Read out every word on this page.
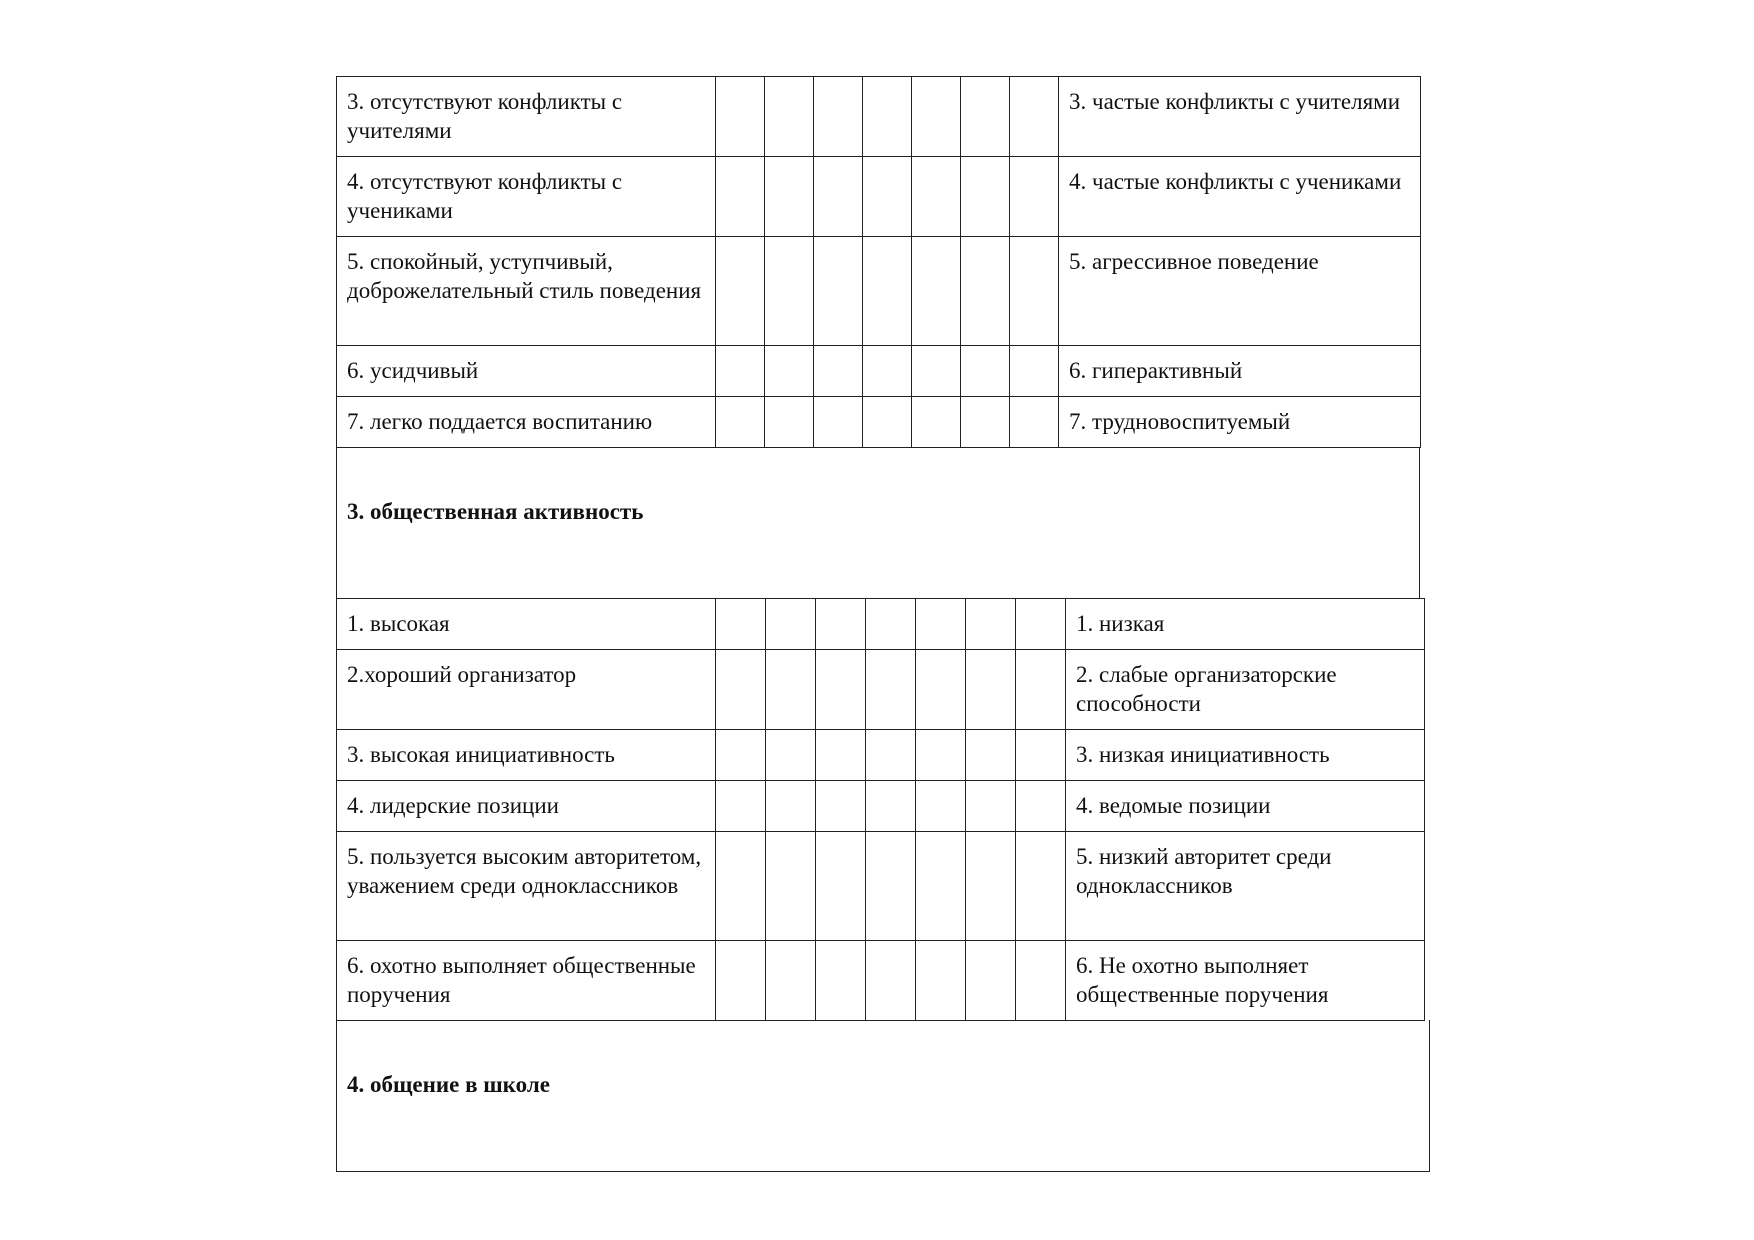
3. отсутствуют конфликты с учителями								3. частые конфликты с учителями

4. отсутствуют конфликты с учениками								4. частые конфликты с учениками

5. спокойный, уступчивый, доброжелательный стиль поведения								5. агрессивное поведение

6. усидчивый								6. гиперактивный

7. легко поддается воспитанию								7. трудновоспитуемый
3. общественная активность
1. высокая								1. низкая

2.хороший организатор								2. слабые организаторские способности

3. высокая инициативность								3. низкая инициативность

4. лидерские позиции								4. ведомые позиции

5. пользуется высоким авторитетом, уважением среди одноклассников								5. низкий авторитет среди одноклассников

6. охотно выполняет общественные поручения								6. Не охотно выполняет общественные поручения
4. общение в школе
